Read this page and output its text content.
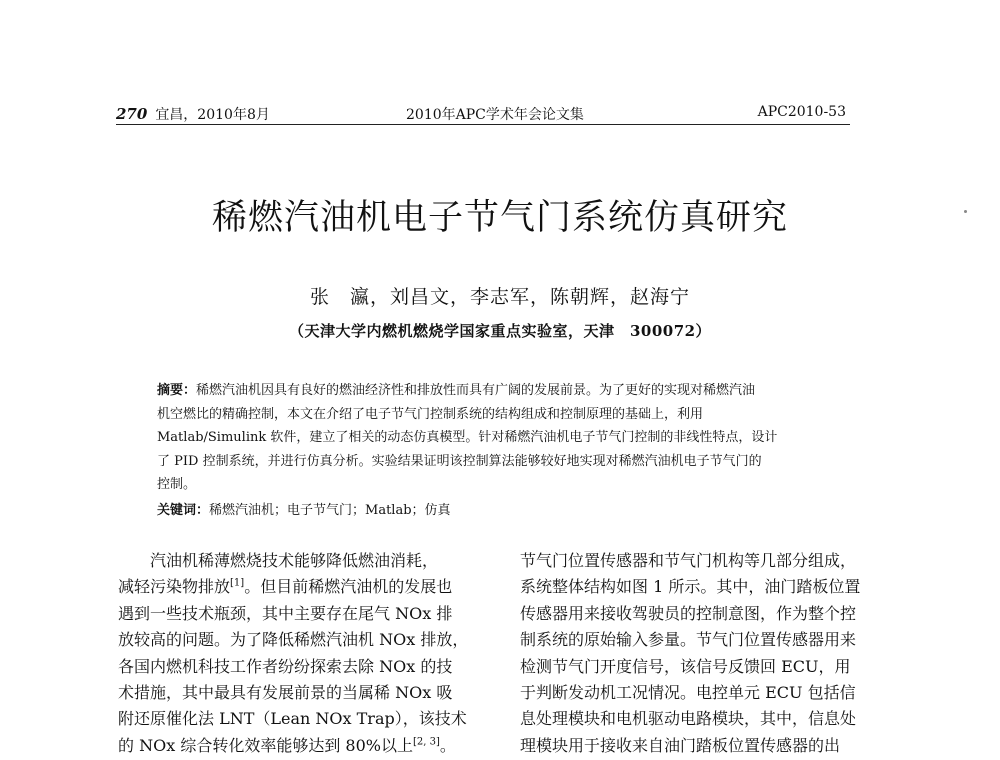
270 宜昌，2010年8月	2010年APC学术年会论文集	APC2010-53
稀燃汽油机电子节气门系统仿真研究
张　瀛，刘昌文，李志军，陈朝辉，赵海宁
（天津大学内燃机燃烧学国家重点实验室，天津　300072）
摘要：稀燃汽油机因具有良好的燃油经济性和排放性而具有广阔的发展前景。为了更好的实现对稀燃汽油
机空燃比的精确控制，本文在介绍了电子节气门控制系统的结构组成和控制原理的基础上，利用
Matlab/Simulink 软件，建立了相关的动态仿真模型。针对稀燃汽油机电子节气门控制的非线性特点，设计
了 PID 控制系统，并进行仿真分析。实验结果证明该控制算法能够较好地实现对稀燃汽油机电子节气门的
控制。
关键词：稀燃汽油机；电子节气门；Matlab；仿真
汽油机稀薄燃烧技术能够降低燃油消耗，
减轻污染物排放[1]。但目前稀燃汽油机的发展也
遇到一些技术瓶颈，其中主要存在尾气 NOx 排
放较高的问题。为了降低稀燃汽油机 NOx 排放，
各国内燃机科技工作者纷纷探索去除 NOx 的技
术措施，其中最具有发展前景的当属稀 NOx 吸
附还原催化法 LNT（Lean NOx Trap），该技术
的 NOx 综合转化效率能够达到 80%以上[2, 3]。
节气门位置传感器和节气门机构等几部分组成，
系统整体结构如图 1 所示。其中，油门踏板位置
传感器用来接收驾驶员的控制意图，作为整个控
制系统的原始输入参量。节气门位置传感器用来
检测节气门开度信号，该信号反馈回 ECU，用
于判断发动机工况情况。电控单元 ECU 包括信
息处理模块和电机驱动电路模块，其中，信息处
理模块用于接收来自油门踏板位置传感器的出
